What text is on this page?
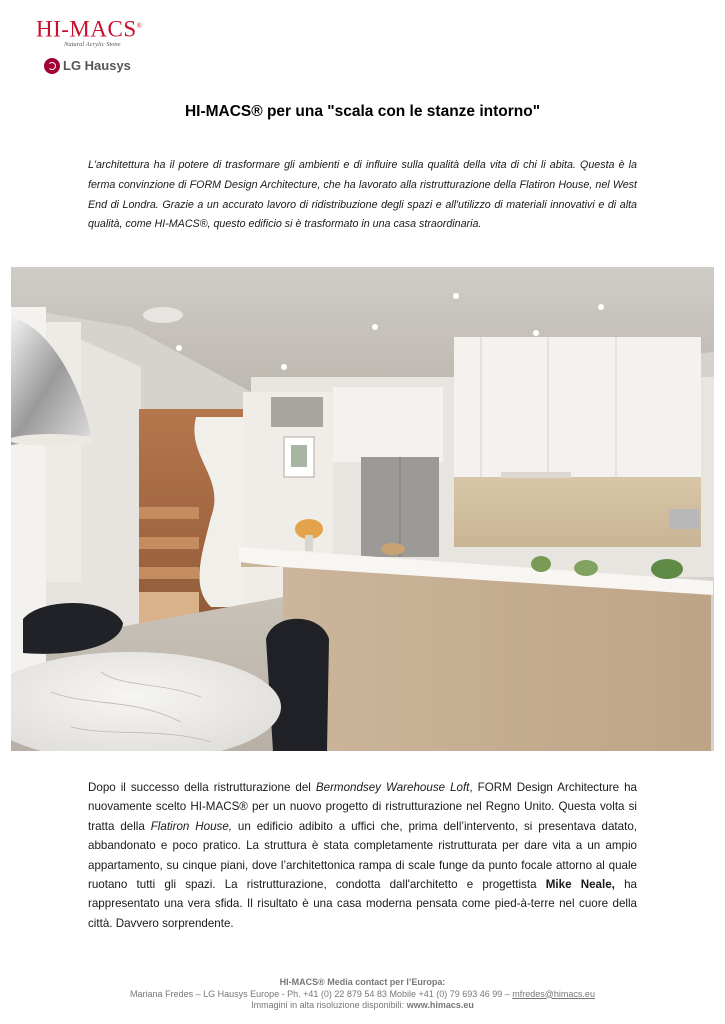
HI-MACS®
Natural Acrylic Stone
LG Hausys
HI-MACS® per una "scala con le stanze intorno"
L'architettura ha il potere di trasformare gli ambienti e di influire sulla qualità della vita di chi li abita. Questa è la ferma convinzione di FORM Design Architecture, che ha lavorato alla ristrutturazione della Flatiron House, nel West End di Londra. Grazie a un accurato lavoro di ridistribuzione degli spazi e all'utilizzo di materiali innovativi e di alta qualità, come HI-MACS®, questo edificio si è trasformato in una casa straordinaria.
Dopo il successo della ristrutturazione del Bermondsey Warehouse Loft, FORM Design Architecture ha nuovamente scelto HI-MACS® per un nuovo progetto di ristrutturazione nel Regno Unito. Questa volta si tratta della Flatiron House, un edificio adibito a uffici che, prima dell’intervento, si presentava datato, abbandonato e poco pratico. La struttura è stata completamente ristrutturata per dare vita a un ampio appartamento, su cinque piani, dove l’architettonica rampa di scale funge da punto focale attorno al quale ruotano tutti gli spazi. La ristrutturazione, condotta dall'architetto e progettista Mike Neale, ha rappresentato una vera sfida. Il risultato è una casa moderna pensata come pied-à-terre nel cuore della città. Davvero sorprendente.
HI-MACS® Media contact per l’Europa:
Mariana Fredes – LG Hausys Europe - Ph. +41 (0) 22 879 54 83 Mobile +41 (0) 79 693 46 99 – mfredes@himacs.eu
Immagini in alta risoluzione disponibili: www.himacs.eu
